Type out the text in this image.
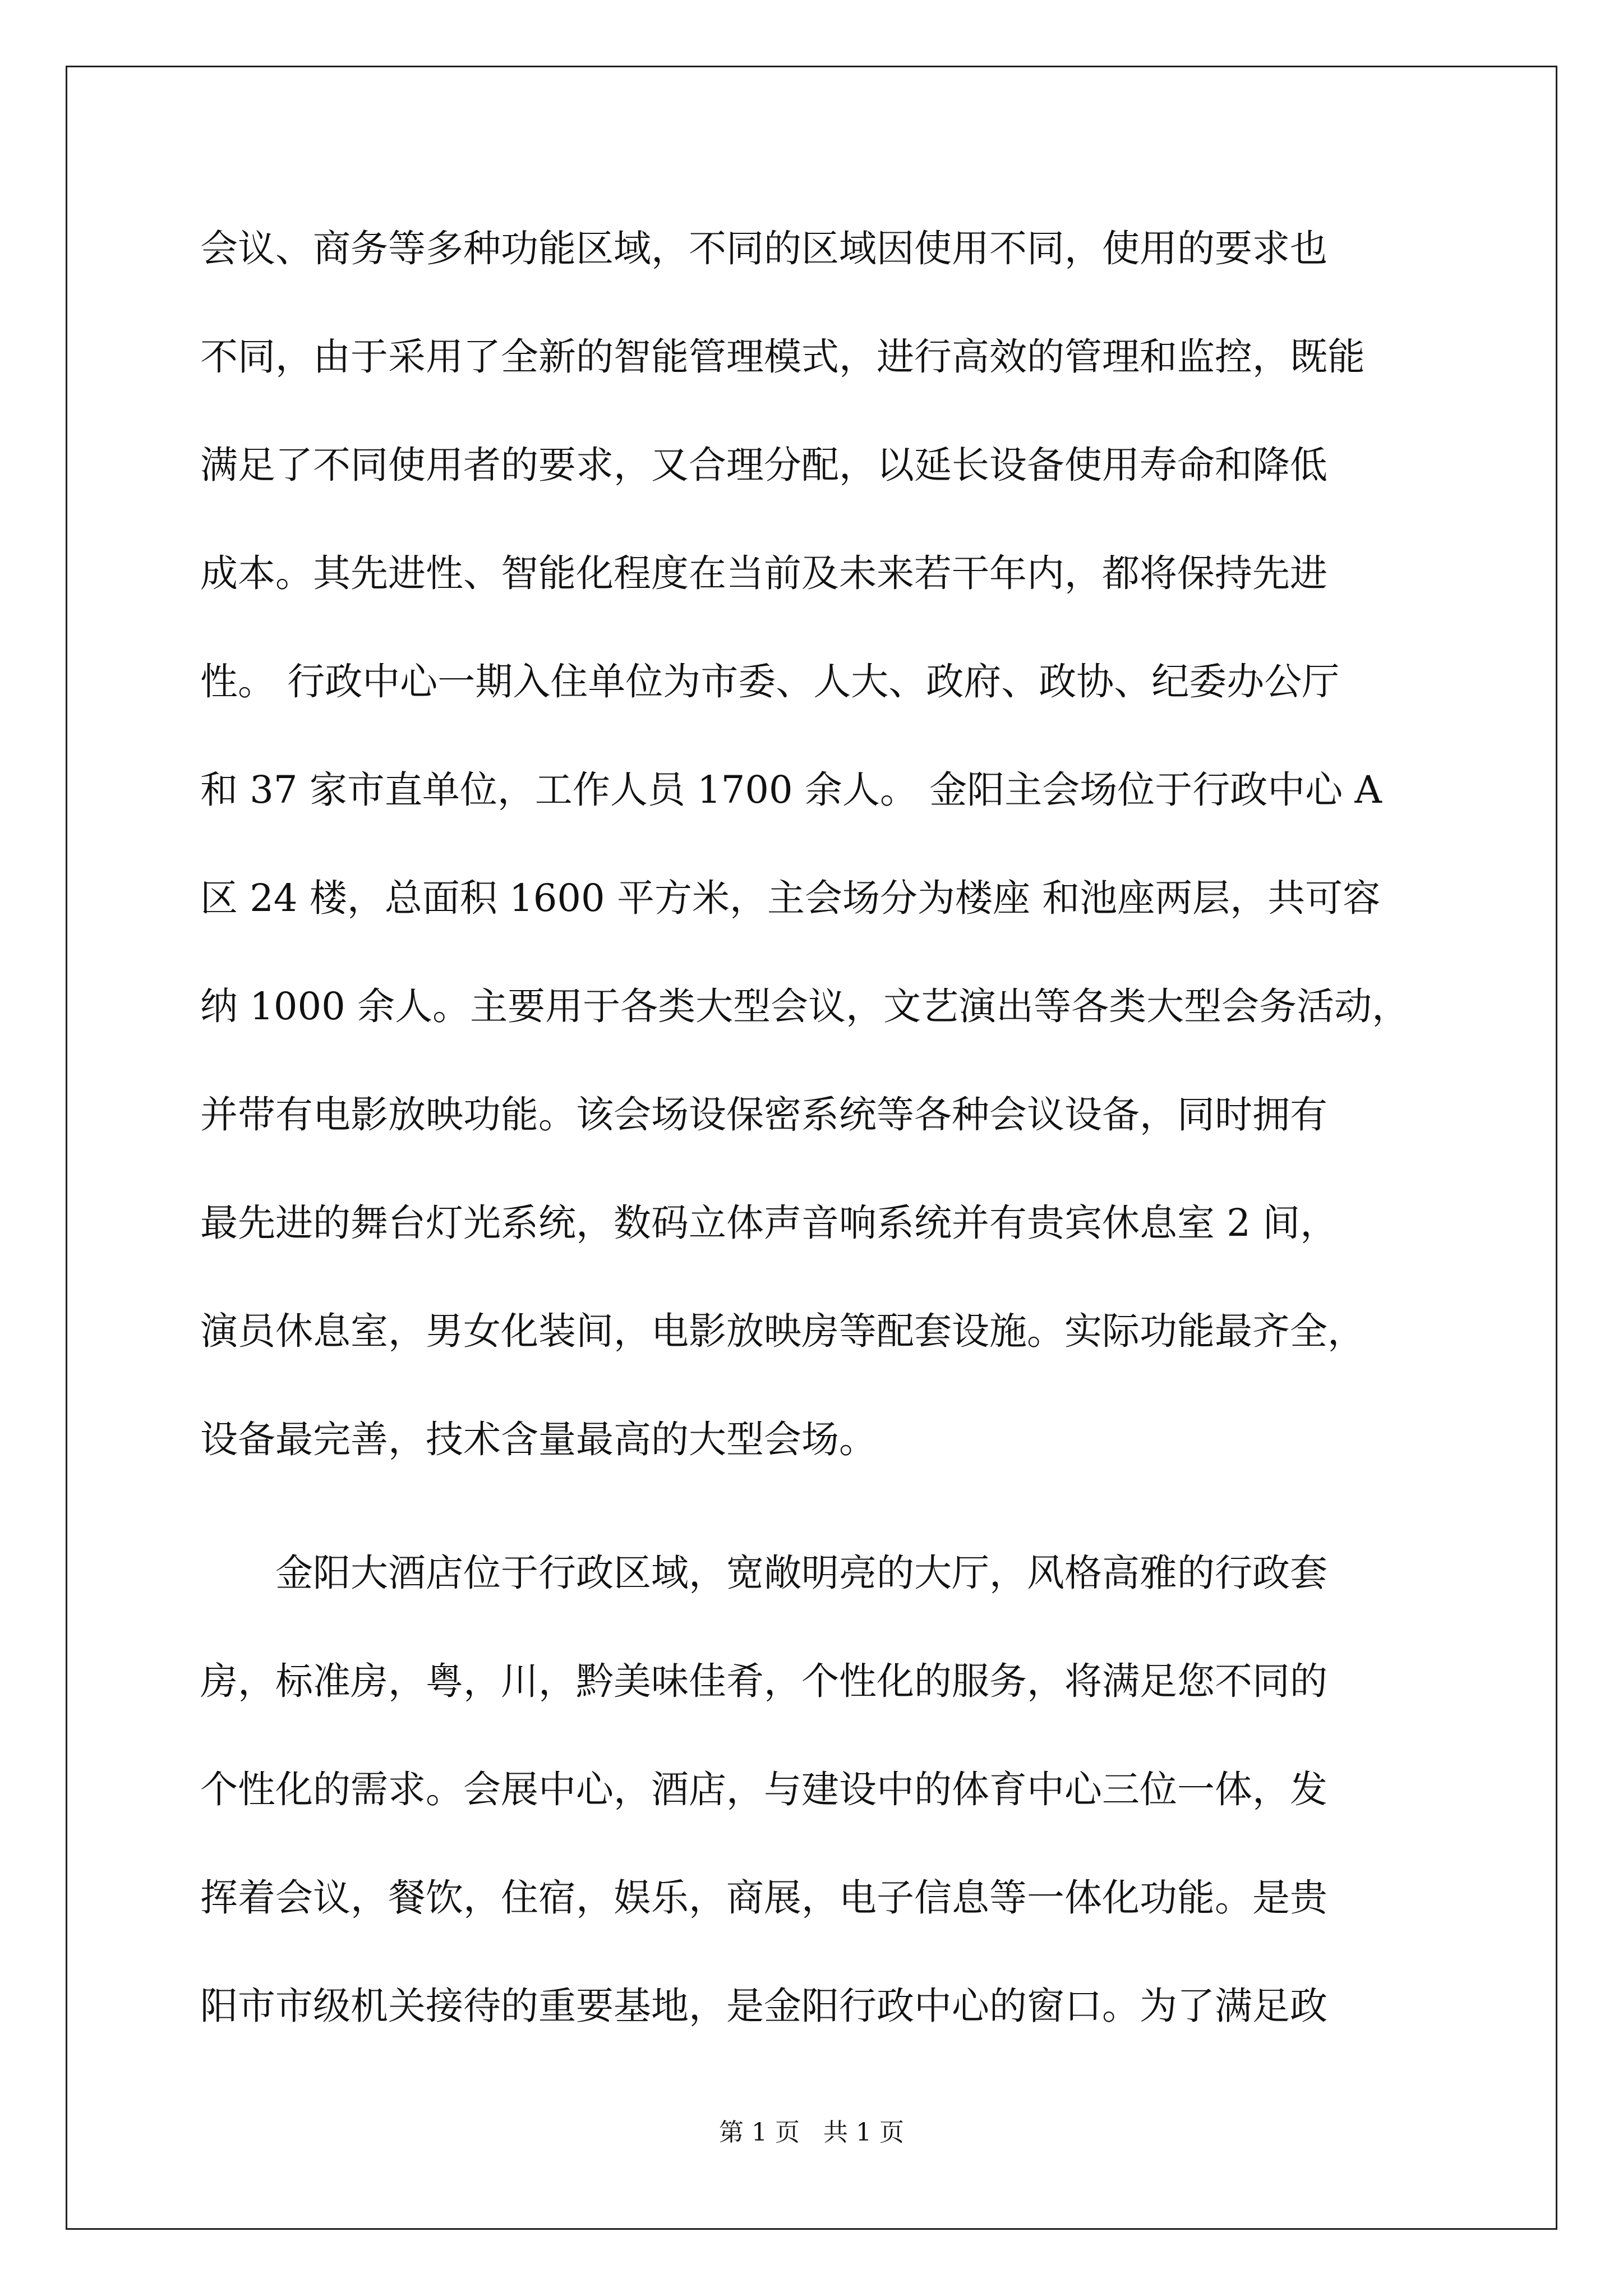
会议、商务等多种功能区域，不同的区域因使用不同，使用的要求也
不同，由于采用了全新的智能管理模式，进行高效的管理和监控，既能
满足了不同使用者的要求，又合理分配，以延长设备使用寿命和降低
成本。其先进性、智能化程度在当前及未来若干年内，都将保持先进
性。 行政中心一期入住单位为市委、人大、政府、政协、纪委办公厅
和 37 家市直单位，工作人员 1700 余人。 金阳主会场位于行政中心 A
区 24 楼，总面积 1600 平方米，主会场分为楼座 和池座两层，共可容
纳 1000 余人。主要用于各类大型会议，文艺演出等各类大型会务活动，
并带有电影放映功能。该会场设保密系统等各种会议设备，同时拥有
最先进的舞台灯光系统，数码立体声音响系统并有贵宾休息室 2 间，
演员休息室，男女化装间，电影放映房等配套设施。实际功能最齐全，
设备最完善，技术含量最高的大型会场。
金阳大酒店位于行政区域，宽敞明亮的大厅，风格高雅的行政套
房，标准房，粤，川，黔美味佳肴，个性化的服务，将满足您不同的
个性化的需求。会展中心，酒店，与建设中的体育中心三位一体，发
挥着会议，餐饮，住宿，娱乐，商展，电子信息等一体化功能。是贵
阳市市级机关接待的重要基地，是金阳行政中心的窗口。为了满足政
第 1 页   共 1 页
